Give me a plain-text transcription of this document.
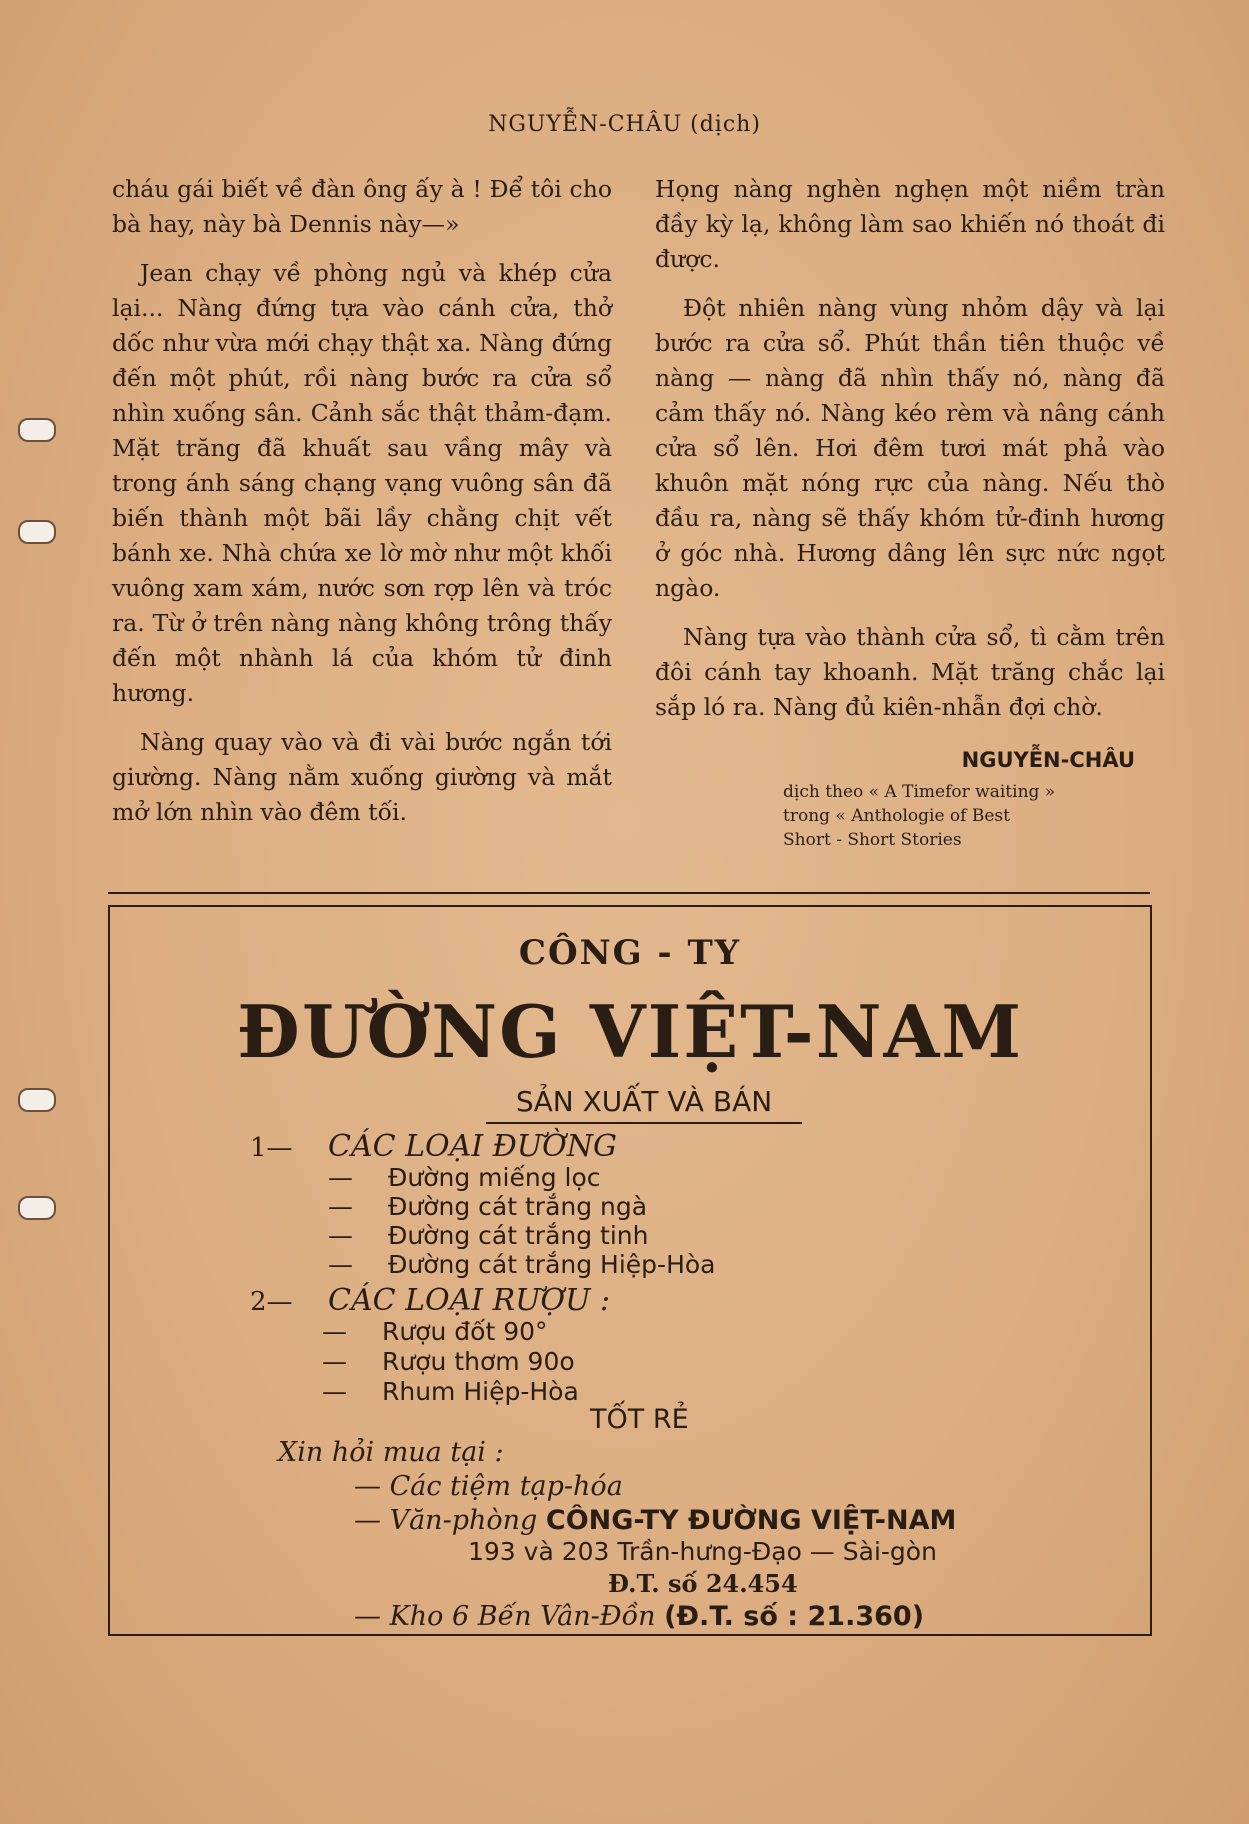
NGUYỄN-CHÂU (dịch)

cháu gái biết về đàn ông ấy à ! Để tôi cho bà hay, này bà Dennis này—»

Jean chạy về phòng ngủ và khép cửa lại... Nàng đứng tựa vào cánh cửa, thở dốc như vừa mới chạy thật xa. Nàng đứng đến một phút, rồi nàng bước ra cửa sổ nhìn xuống sân. Cảnh sắc thật thảm-đạm. Mặt trăng đã khuất sau vầng mây và trong ánh sáng chạng vạng vuông sân đã biến thành một bãi lầy chằng chịt vết bánh xe. Nhà chứa xe lờ mờ như một khối vuông xam xám, nước sơn rợp lên và tróc ra. Từ ở trên nàng nàng không trông thấy đến một nhành lá của khóm tử đinh hương.

Nàng quay vào và đi vài bước ngắn tới giường. Nàng nằm xuống giường và mắt mở lớn nhìn vào đêm tối.

Họng nàng nghèn nghẹn một niềm tràn đầy kỳ lạ, không làm sao khiến nó thoát đi được.

Đột nhiên nàng vùng nhỏm dậy và lại bước ra cửa sổ. Phút thần tiên thuộc về nàng — nàng đã nhìn thấy nó, nàng đã cảm thấy nó. Nàng kéo rèm và nâng cánh cửa sổ lên. Hơi đêm tươi mát phả vào khuôn mặt nóng rực của nàng. Nếu thò đầu ra, nàng sẽ thấy khóm tử-đinh hương ở góc nhà. Hương dâng lên sực nức ngọt ngào.

Nàng tựa vào thành cửa sổ, tì cằm trên đôi cánh tay khoanh. Mặt trăng chắc lại sắp ló ra. Nàng đủ kiên-nhẫn đợi chờ.

NGUYỄN-CHÂU
dịch theo « A Timefor waiting »
trong « Anthologie of Best
Short - Short Stories
CÔNG - TY
ĐƯỜNG VIỆT-NAM
SẢN XUẤT VÀ BÁN
1— CÁC LOẠI ĐƯỜNG
— Đường miếng lọc
— Đường cát trắng ngà
— Đường cát trắng tinh
— Đường cát trắng Hiệp-Hòa
2— CÁC LOẠI RƯỢU :
— Rượu đốt 90°
— Rượu thơm 90o
— Rhum Hiệp-Hòa
TỐT RẺ
Xin hỏi mua tại :
— Các tiệm tạp-hóa
— Văn-phòng CÔNG-TY ĐƯỜNG VIỆT-NAM
193 và 203 Trần-hưng-Đạo — Sài-gòn
Đ.T. số 24.454
— Kho 6 Bến Vân-Đồn (Đ.T. số : 21.360)
